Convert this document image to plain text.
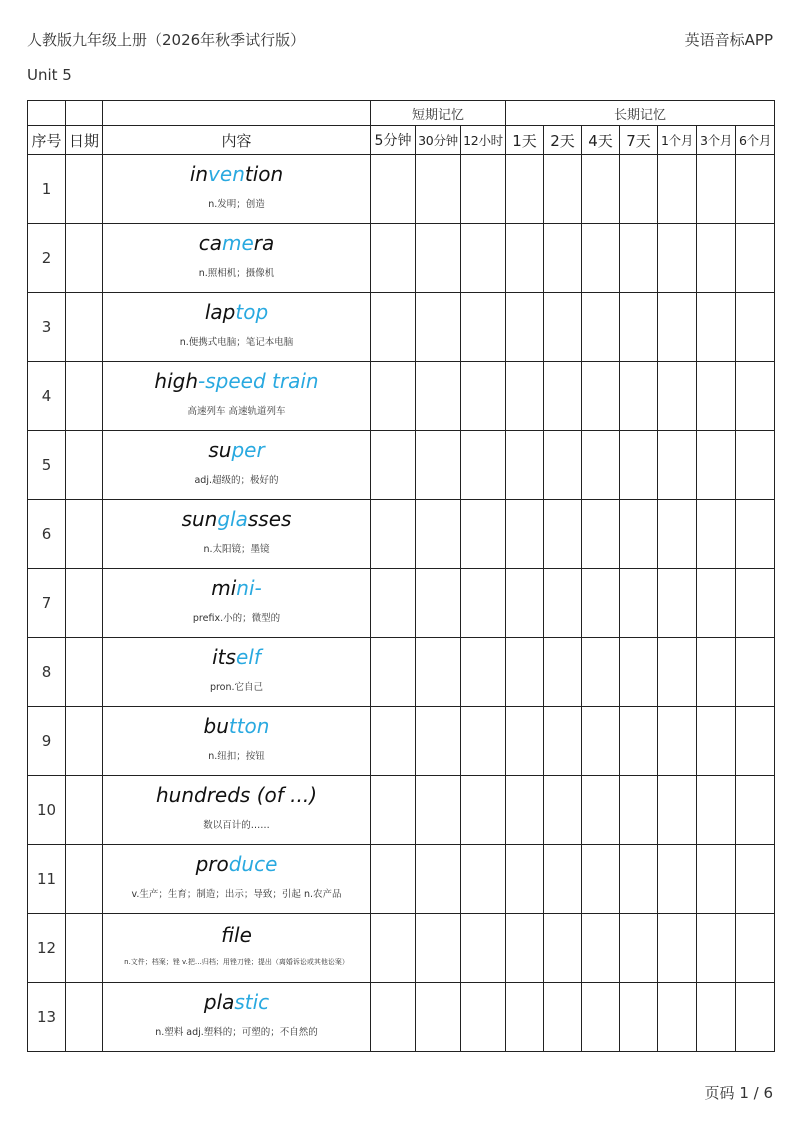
人教版九年级上册（2026年秋季试行版）	英语音标APP
Unit 5
			短期记忆			长期记忆						
序号	日期	内容	5分钟	30分钟	12小时	1天	2天	4天	7天	1个月	3个月	6个月
1		invention
n.发明；创造										

2		camera
n.照相机；摄像机										

3		laptop
n.便携式电脑；笔记本电脑										

4		high-speed train
高速列车 高速轨道列车										

5		super
adj.超级的；极好的										

6		sunglasses
n.太阳镜；墨镜										

7		mini-
prefix.小的；微型的										

8		itself
pron.它自己										

9		button
n.纽扣；按钮										

10		hundreds (of ...)
数以百计的……										

11		produce
v.生产；生育；制造；出示；导致；引起 n.农产品										

12		file
n.文件；档案；锉 v.把…归档；用锉刀锉；提出（离婚诉讼或其他讼案）										

13		plastic
n.塑料 adj.塑料的；可塑的；不自然的										

页码 1 / 6
